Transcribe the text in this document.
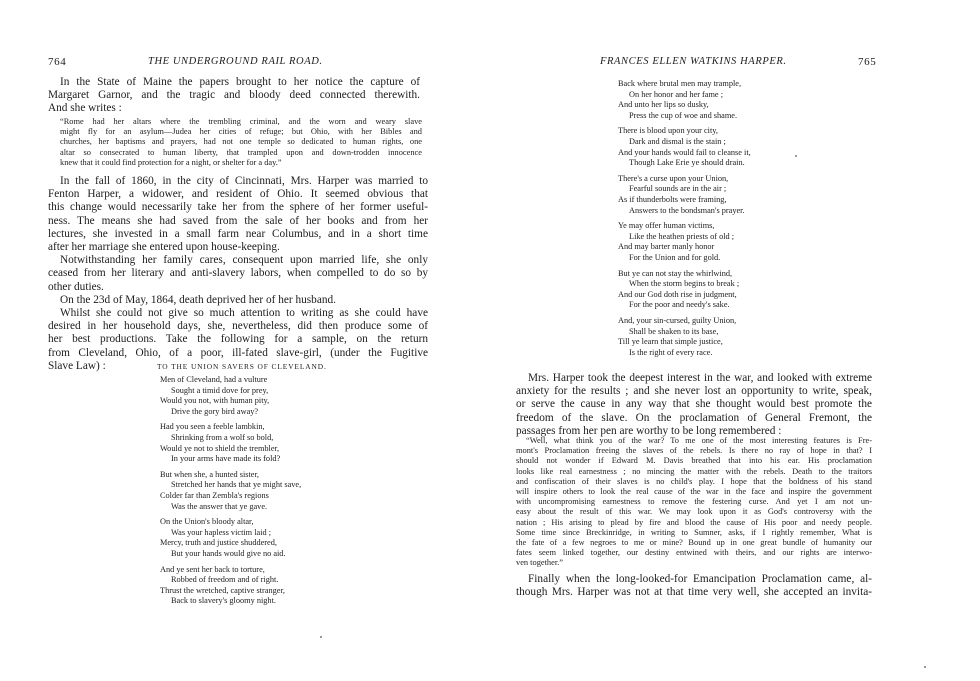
764	THE UNDERGROUND RAIL ROAD.
In the State of Maine the papers brought to her notice the capture of
Margaret Garnor, and the tragic and bloody deed connected therewith.
And she writes :
“Rome had her altars where the trembling criminal, and the worn and weary slave
might fly for an asylum—Judea her cities of refuge; but Ohio, with her Bibles and
churches, her baptisms and prayers, had not one temple so dedicated to human rights, one
altar so consecrated to human liberty, that trampled upon and down-trodden innocence
knew that it could find protection for a night, or shelter for a day.”
In the fall of 1860, in the city of Cincinnati, Mrs. Harper was married to
Fenton Harper, a widower, and resident of Ohio. It seemed obvious that
this change would necessarily take her from the sphere of her former useful-
ness. The means she had saved from the sale of her books and from her
lectures, she invested in a small farm near Columbus, and in a short time
after her marriage she entered upon house-keeping.
Notwithstanding her family cares, consequent upon married life, she only
ceased from her literary and anti-slavery labors, when compelled to do so by
other duties.
On the 23d of May, 1864, death deprived her of her husband.
Whilst she could not give so much attention to writing as she could have
desired in her household days, she, nevertheless, did then produce some of
her best productions. Take the following for a sample, on the return
from Cleveland, Ohio, of a poor, ill-fated slave-girl, (under the Fugitive
Slave Law) :	TO THE UNION SAVERS OF CLEVELAND.
Men of Cleveland, had a vulture
Sought a timid dove for prey,
Would you not, with human pity,
Drive the gory bird away?
Had you seen a feeble lambkin,
Shrinking from a wolf so bold,
Would ye not to shield the trembler,
In your arms have made its fold?
But when she, a hunted sister,
Stretched her hands that ye might save,
Colder far than Zembla's regions
Was the answer that ye gave.
On the Union's bloody altar,
Was your hapless victim laid ;
Mercy, truth and justice shuddered,
But your hands would give no aid.
And ye sent her back to torture,
Robbed of freedom and of right.
Thrust the wretched, captive stranger,
Back to slavery's gloomy night.
FRANCES ELLEN WATKINS HARPER.	765
Back where brutal men may trample,
On her honor and her fame ;
And unto her lips so dusky,
Press the cup of woe and shame.
There is blood upon your city,
Dark and dismal is the stain ;
And your hands would fail to cleanse it,
Though Lake Erie ye should drain.
There's a curse upon your Union,
Fearful sounds are in the air ;
As if thunderbolts were framing,
Answers to the bondsman's prayer.
Ye may offer human victims,
Like the heathen priests of old ;
And may barter manly honor
For the Union and for gold.
But ye can not stay the whirlwind,
When the storm begins to break ;
And our God doth rise in judgment,
For the poor and needy's sake.
And, your sin-cursed, guilty Union,
Shall be shaken to its base,
Till ye learn that simple justice,
Is the right of every race.
Mrs. Harper took the deepest interest in the war, and looked with extreme
anxiety for the results ; and she never lost an opportunity to write, speak,
or serve the cause in any way that she thought would best promote the
freedom of the slave. On the proclamation of General Fremont, the
passages from her pen are worthy to be long remembered :
“Well, what think you of the war? To me one of the most interesting features is Fre-
mont's Proclamation freeing the slaves of the rebels. Is there no ray of hope in that? I
should not wonder if Edward M. Davis breathed that into his ear. His proclamation
looks like real earnestness ; no mincing the matter with the rebels. Death to the traitors
and confiscation of their slaves is no child's play. I hope that the boldness of his stand
will inspire others to look the real cause of the war in the face and inspire the government
with uncompromising earnestness to remove the festering curse. And yet I am not un-
easy about the result of this war. We may look upon it as God's controversy with the
nation ; His arising to plead by fire and blood the cause of His poor and needy people.
Some time since Breckinridge, in writing to Sumner, asks, if I rightly remember, What is
the fate of a few negroes to me or mine? Bound up in one great bundle of humanity our
fates seem linked together, our destiny entwined with theirs, and our rights are interwo-
ven together.”
Finally when the long-looked-for Emancipation Proclamation came, al-
though Mrs. Harper was not at that time very well, she accepted an invita-
